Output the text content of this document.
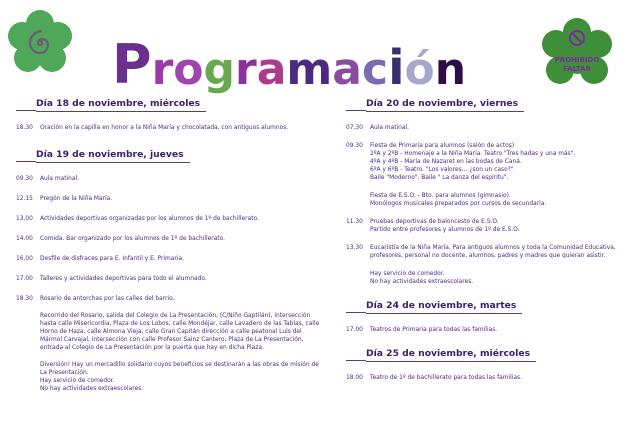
P r o g r a m a c i ó n	PROHIBIDO
FALTAR
Día 18 de noviembre, miércoles
18.30	Oración en la capilla en honor a la Niña María y chocolatada, con antiguos alumnos.
Día 19 de noviembre, jueves
09.30	Aula matinal.
12.15	Pregón de la Niña María.
13.00	Actividades deportivas organizadas por los alumnos de 1º de bachillerato.
14.00	Comida. Bar organizado por los alumnos de 1º de bachillerato.
16.00	Desfile de disfraces para E. Infantil y E. Primaria.
17.00	Talleres y actividades deportivas para todo el alumnado.
18.30	Rosario de antorchas por las calles del barrio.
Recorrido del Rosario, salida del Colegio de La Presentación, (C/Niño Gaptilán), intersección hasta calle Misericordia, Plaza de Los Lobos, calle Mondéjar, calle Lavadero de las Tablas, calle Horno de Haza, calle Almona Vieja, calle Gran Capitán dirección a calle peatonal Luis del Mármol Carvajal, intersección con calle Profesor Sainz Cantero, Plaza de La Presentación, entrada al Colegio de La Presentación por la puerta que hay en dicha Plaza.
Diversión! Hay un mercadillo solidario cuyos beneficios se destinarán a las obras de misión de La Presentación.
Hay servicio de comedor.
No hay actividades extraescolares.
Día 20 de noviembre, viernes
07.30	Aula matinal.
09.30	Fiesta de Primaria para alumnos (salón de actos)
2ºA y 2ºB - Homenaje a la Niña María. Teatro "Tres hadas y una más".
4ºA y 4ºB - María de Nazaret en las bodas de Caná.
6ºA y 6ºB - Teatro. "Los valores… ¿son un caso?"
Baile "Moderno". Baile " La danza del espíritu".
Fiesta de E.S.O. - Bto. para alumnos (gimnasio).
Monólogos musicales preparados por cursos de secundaria.
11.30	Pruebas deportivas de baloncesto de E.S.O.
Partido entre profesores y alumnos de 1º de E.S.O.
13.30	Eucaristía de la Niña María. Para antiguos alumnos y toda la Comunidad Educativa, profesores, personal no docente, alumnos, padres y madres que quieran asistir.
Hay servicio de comedor.
No hay actividades extraescolares.
Día 24 de noviembre, martes
17.00	Teatros de Primaria para todas las familias.
Día 25 de noviembre, miércoles
18.00	Teatro de 1º de bachillerato para todas las familias.
